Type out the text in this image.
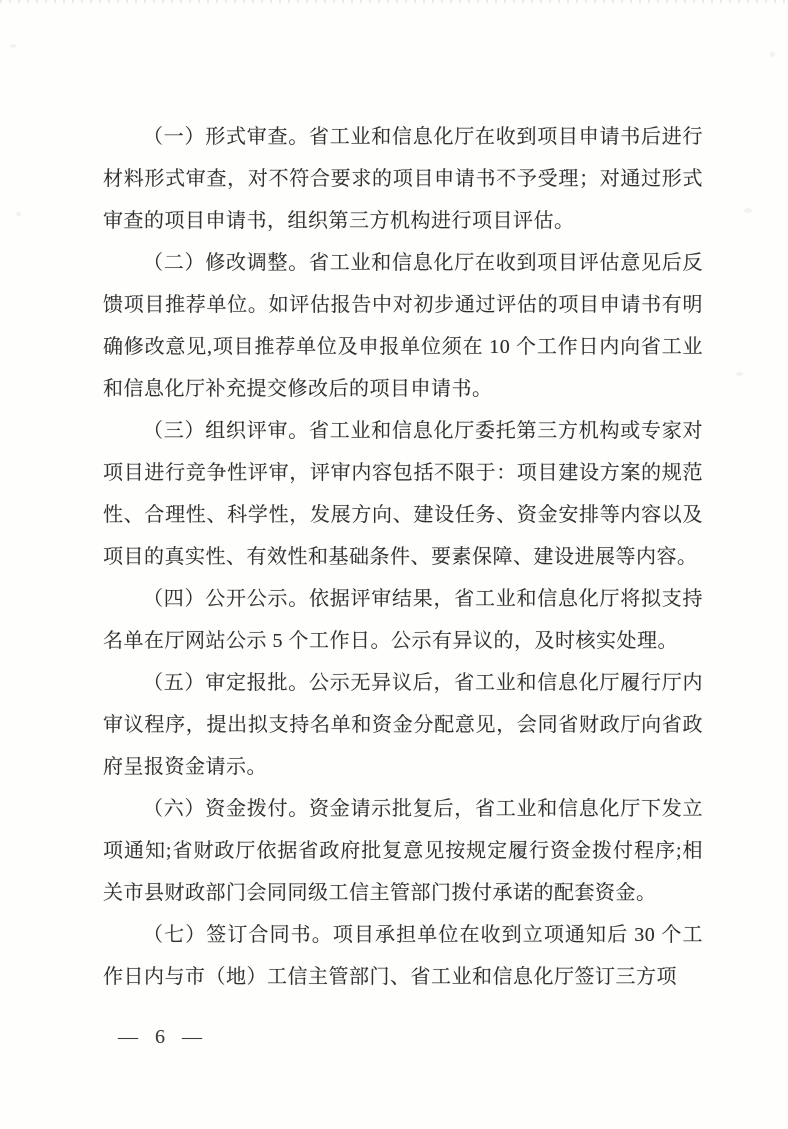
（一）形式审查。省工业和信息化厅在收到项目申请书后进行材料形式审查，对不符合要求的项目申请书不予受理；对通过形式审查的项目申请书，组织第三方机构进行项目评估。

（二）修改调整。省工业和信息化厅在收到项目评估意见后反馈项目推荐单位。如评估报告中对初步通过评估的项目申请书有明确修改意见,项目推荐单位及申报单位须在 10 个工作日内向省工业和信息化厅补充提交修改后的项目申请书。

（三）组织评审。省工业和信息化厅委托第三方机构或专家对项目进行竞争性评审，评审内容包括不限于：项目建设方案的规范性、合理性、科学性，发展方向、建设任务、资金安排等内容以及项目的真实性、有效性和基础条件、要素保障、建设进展等内容。

（四）公开公示。依据评审结果，省工业和信息化厅将拟支持名单在厅网站公示 5 个工作日。公示有异议的，及时核实处理。

（五）审定报批。公示无异议后，省工业和信息化厅履行厅内审议程序，提出拟支持名单和资金分配意见，会同省财政厅向省政府呈报资金请示。

（六）资金拨付。资金请示批复后，省工业和信息化厅下发立项通知;省财政厅依据省政府批复意见按规定履行资金拨付程序;相关市县财政部门会同同级工信主管部门拨付承诺的配套资金。

（七）签订合同书。项目承担单位在收到立项通知后 30 个工作日内与市（地）工信主管部门、省工业和信息化厅签订三方项

— 6 —
